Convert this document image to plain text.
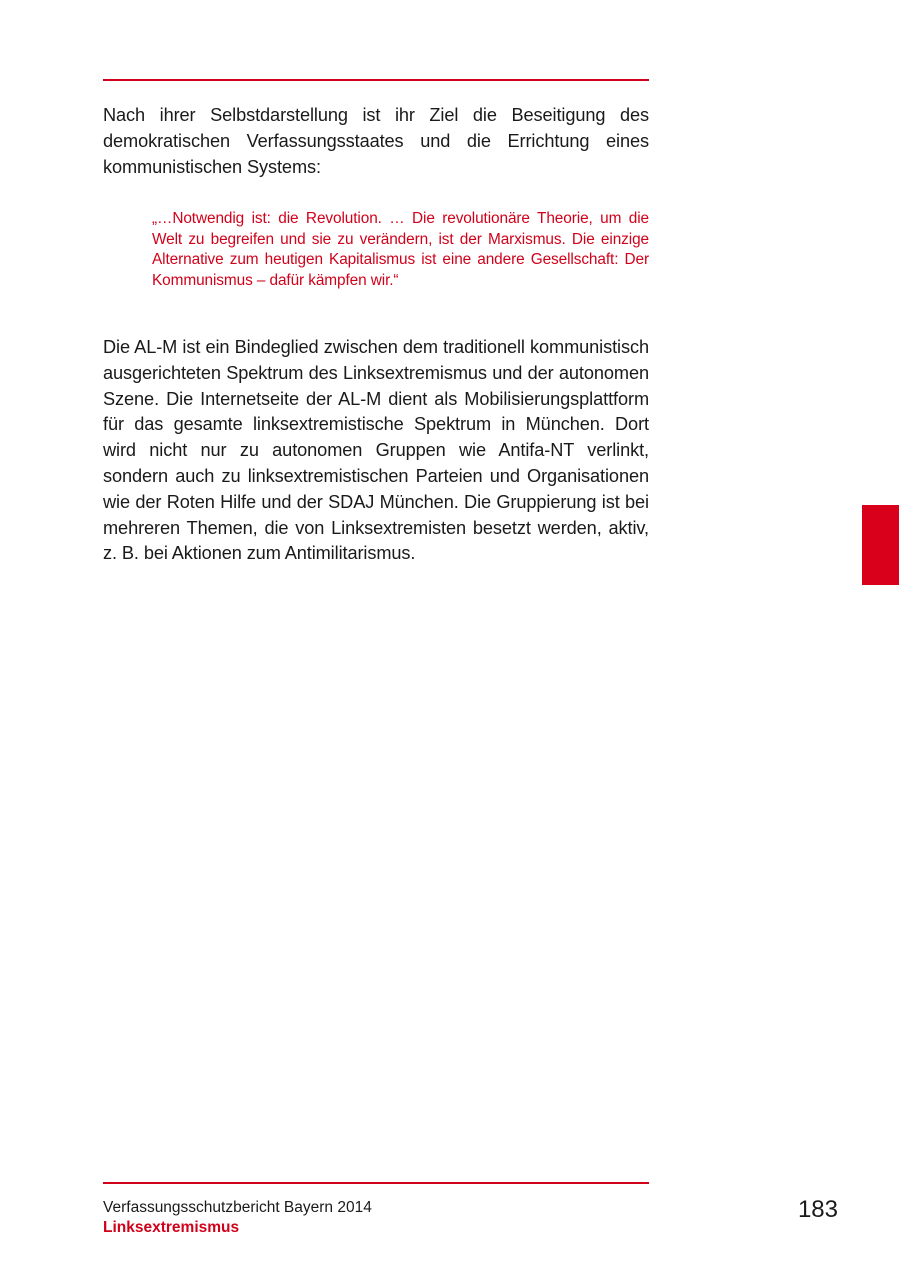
Nach ihrer Selbstdarstellung ist ihr Ziel die Beseitigung des demokratischen Verfassungsstaates und die Errichtung eines kommunistischen Systems:

„…Notwendig ist: die Revolution. … Die revolutionäre Theorie, um die Welt zu begreifen und sie zu verändern, ist der Marxismus. Die einzige Alternative zum heutigen Kapitalismus ist eine andere Gesellschaft: Der Kommunismus – dafür kämpfen wir.“

Die AL-M ist ein Bindeglied zwischen dem traditionell kommunistisch ausgerichteten Spektrum des Linksextremismus und der autonomen Szene. Die Internetseite der AL-M dient als Mobilisierungsplattform für das gesamte linksextremistische Spektrum in München. Dort wird nicht nur zu autonomen Gruppen wie Antifa-NT verlinkt, sondern auch zu linksextremistischen Parteien und Organisationen wie der Roten Hilfe und der SDAJ München. Die Gruppierung ist bei mehreren Themen, die von Linksextremisten besetzt werden, aktiv, z. B. bei Aktionen zum Antimilitarismus.

Verfassungsschutzbericht Bayern 2014

Linksextremismus

183
